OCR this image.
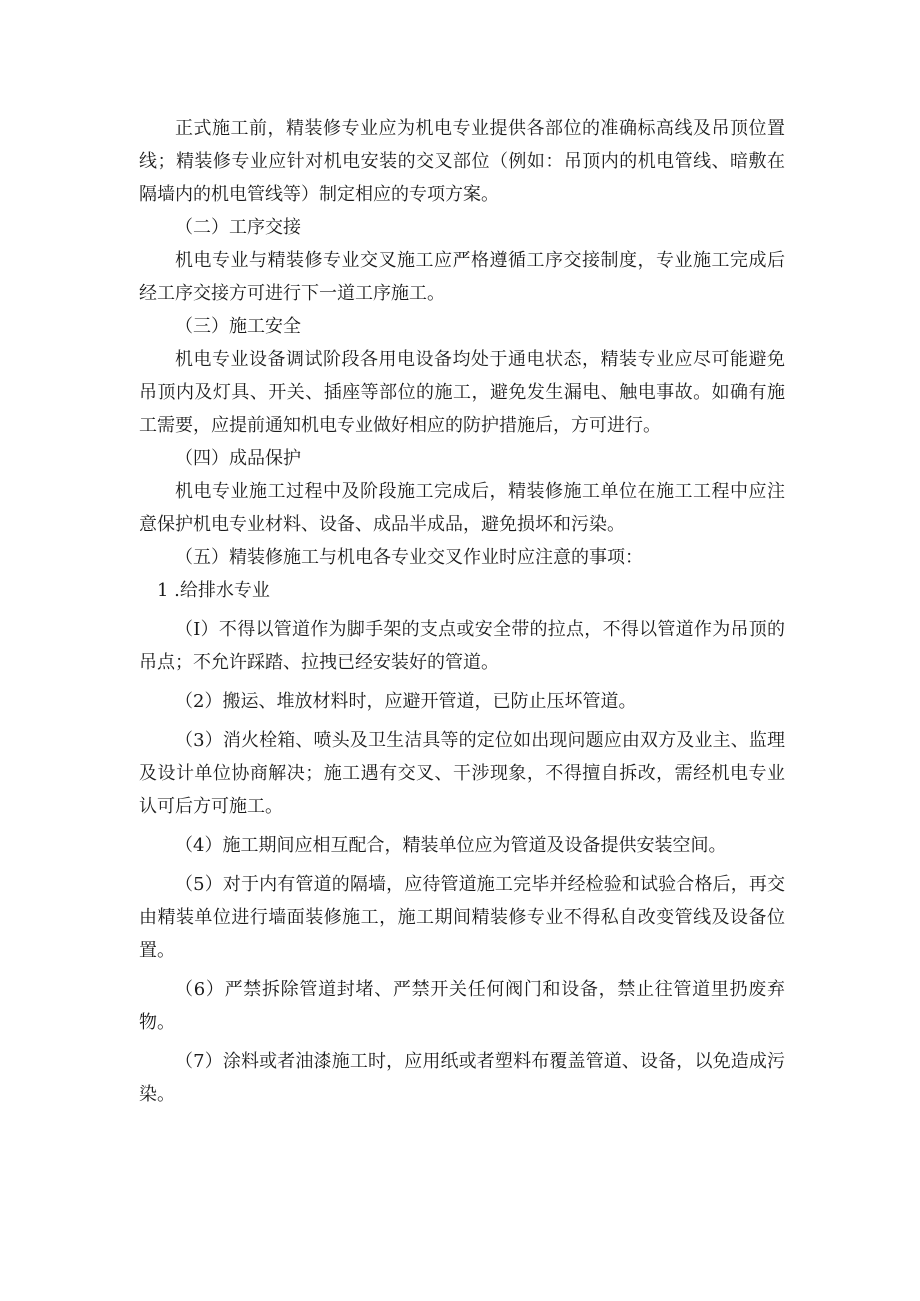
正式施工前，精装修专业应为机电专业提供各部位的准确标高线及吊顶位置线；精装修专业应针对机电安装的交叉部位（例如：吊顶内的机电管线、暗敷在隔墙内的机电管线等）制定相应的专项方案。

（二）工序交接

机电专业与精装修专业交叉施工应严格遵循工序交接制度，专业施工完成后经工序交接方可进行下一道工序施工。

（三）施工安全

机电专业设备调试阶段各用电设备均处于通电状态，精装专业应尽可能避免吊顶内及灯具、开关、插座等部位的施工，避免发生漏电、触电事故。如确有施工需要，应提前通知机电专业做好相应的防护措施后，方可进行。

（四）成品保护

机电专业施工过程中及阶段施工完成后，精装修施工单位在施工工程中应注意保护机电专业材料、设备、成品半成品，避免损坏和污染。

（五）精装修施工与机电各专业交叉作业时应注意的事项：

1 .给排水专业

（I）不得以管道作为脚手架的支点或安全带的拉点，不得以管道作为吊顶的吊点；不允许踩踏、拉拽已经安装好的管道。

（2）搬运、堆放材料时，应避开管道，已防止压坏管道。

（3）消火栓箱、喷头及卫生洁具等的定位如出现问题应由双方及业主、监理及设计单位协商解决；施工遇有交叉、干涉现象，不得擅自拆改，需经机电专业认可后方可施工。

（4）施工期间应相互配合，精装单位应为管道及设备提供安装空间。

（5）对于内有管道的隔墙，应待管道施工完毕并经检验和试验合格后，再交由精装单位进行墙面装修施工，施工期间精装修专业不得私自改变管线及设备位置。

（6）严禁拆除管道封堵、严禁开关任何阀门和设备，禁止往管道里扔废弃物。

（7）涂料或者油漆施工时，应用纸或者塑料布覆盖管道、设备，以免造成污染。
